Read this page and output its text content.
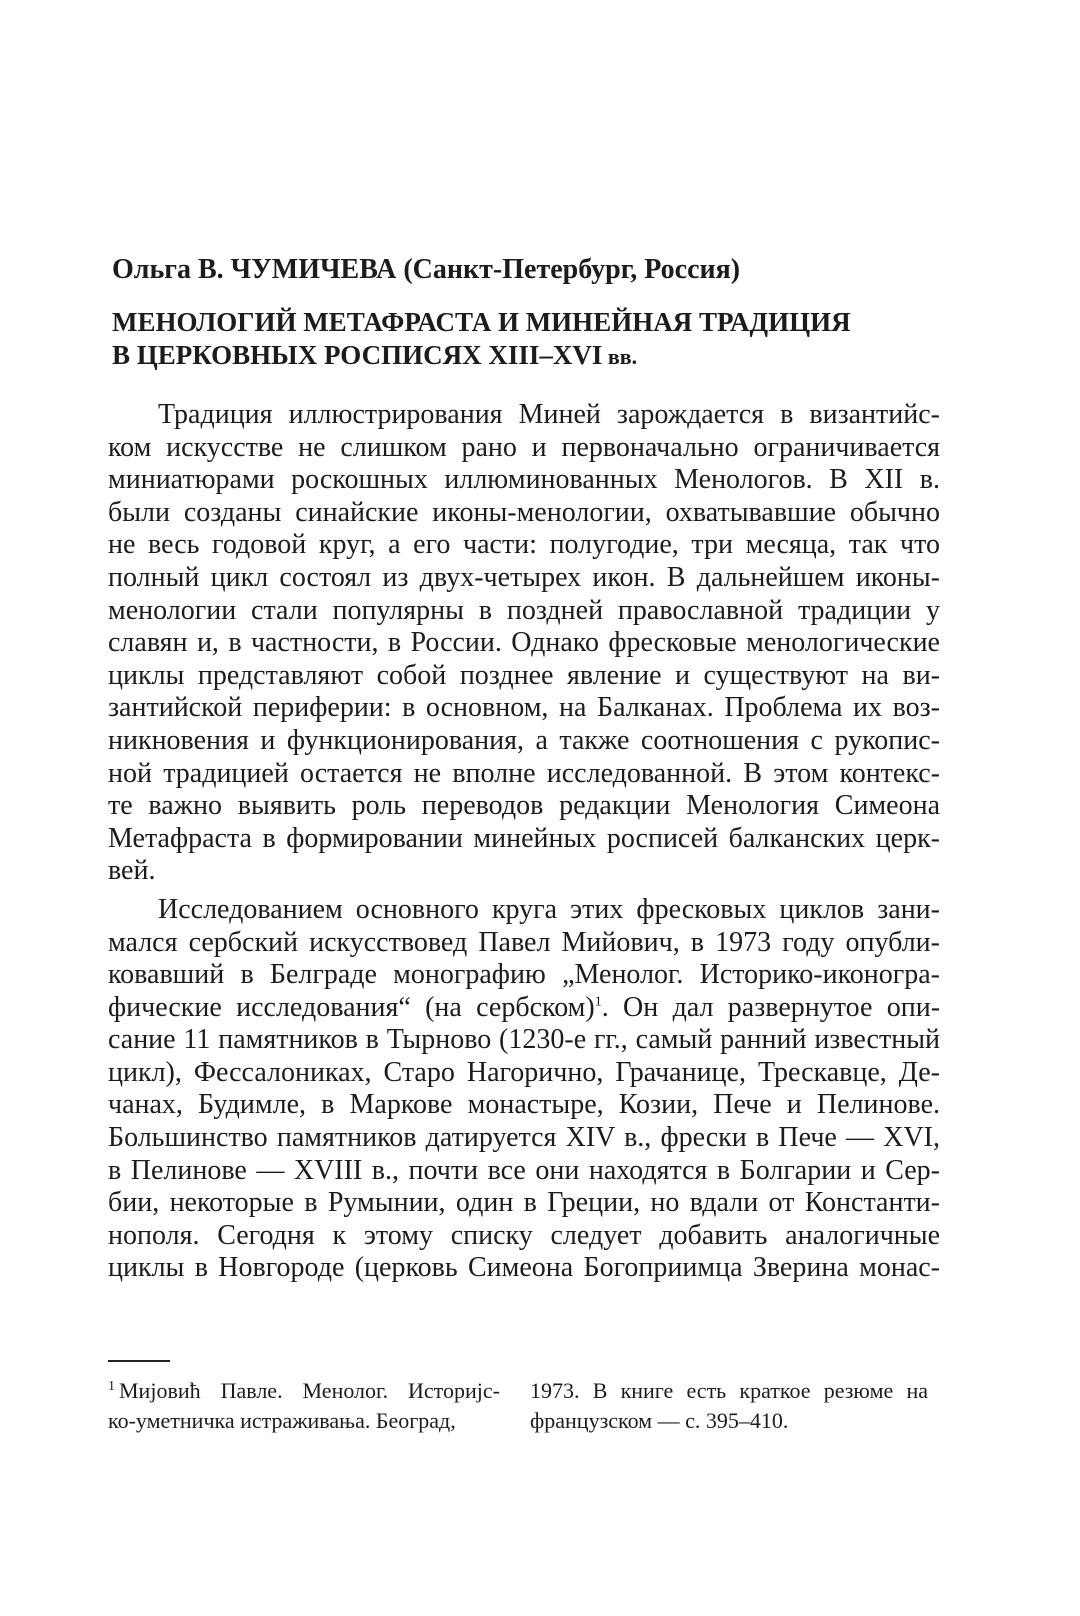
Ольга В. ЧУМИЧЕВА (Санкт-Петербург, Россия)
МЕНОЛОГИЙ МЕТАФРАСТА И МИНЕЙНАЯ ТРАДИЦИЯ
В ЦЕРКОВНЫХ РОСПИСЯХ XIII–XVI вв.
Традиция иллюстрирования Миней зарождается в византийс-
ком искусстве не слишком рано и первоначально ограничивается
миниатюрами роскошных иллюминованных Менологов. В XII в.
были созданы синайские иконы-менологии, охватывавшие обычно
не весь годовой круг, а его части: полугодие, три месяца, так что
полный цикл состоял из двух-четырех икон. В дальнейшем иконы-
менологии стали популярны в поздней православной традиции у
славян и, в частности, в России. Однако фресковые менологические
циклы представляют собой позднее явление и существуют на ви-
зантийской периферии: в основном, на Балканах. Проблема их воз-
никновения и функционирования, а также соотношения с рукопис-
ной традицией остается не вполне исследованной. В этом контекс-
те важно выявить роль переводов редакции Менология Симеона
Метафраста в формировании минейных росписей балканских церк-
вей.
Исследованием основного круга этих фресковых циклов зани-
мался сербский искусствовед Павел Мийович, в 1973 году опубли-
ковавший в Белграде монографию „Менолог. Историко-иконогра-
фические исследования“ (на сербском)$^1$. Он дал развернутое опи-
сание 11 памятников в Тырново (1230-е гг., самый ранний известный
цикл), Фессалониках, Старо Нагорично, Грачанице, Трескавце, Де-
чанах, Будимле, в Маркове монастыре, Козии, Пече и Пелинове.
Большинство памятников датируется XIV в., фрески в Пече — XVI,
в Пелинове — XVIII в., почти все они находятся в Болгарии и Сер-
бии, некоторые в Румынии, один в Греции, но вдали от Константи-
нополя. Сегодня к этому списку следует добавить аналогичные
циклы в Новгороде (церковь Симеона Богоприимца Зверина монас-
$^1$ Мијовић Павле. Менолог. Историјс-
ко-уметничка истраживања. Београд,
1973. В книге есть краткое резюме на
французском — с. 395–410.
